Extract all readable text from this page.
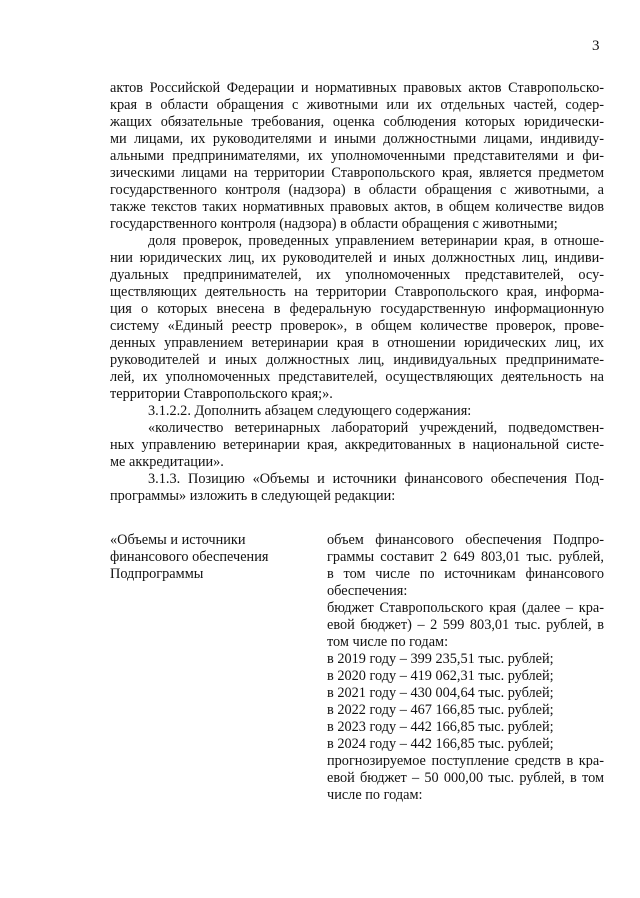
3
актов Российской Федерации и нормативных правовых актов Ставропольско-
края в области обращения с животными или их отдельных частей, содер-
жащих обязательные требования, оценка соблюдения которых юридически-
ми лицами, их руководителями и иными должностными лицами, индивиду-
альными предпринимателями, их уполномоченными представителями и фи-
зическими лицами на территории Ставропольского края, является предметом
государственного контроля (надзора) в области обращения с животными, а
также текстов таких нормативных правовых актов, в общем количестве видов
государственного контроля (надзора) в области обращения с животными;
доля проверок, проведенных управлением ветеринарии края, в отноше-
нии юридических лиц, их руководителей и иных должностных лиц, индиви-
дуальных предпринимателей, их уполномоченных представителей, осу-
ществляющих деятельность на территории Ставропольского края, информа-
ция о которых внесена в федеральную государственную информационную
систему «Единый реестр проверок», в общем количестве проверок, прове-
денных управлением ветеринарии края в отношении юридических лиц, их
руководителей и иных должностных лиц, индивидуальных предпринимате-
лей, их уполномоченных представителей, осуществляющих деятельность на
территории Ставропольского края;».
3.1.2.2. Дополнить абзацем следующего содержания:
«количество ветеринарных лабораторий учреждений, подведомствен-
ных управлению ветеринарии края, аккредитованных в национальной систе-
ме аккредитации».
3.1.3. Позицию «Объемы и источники финансового обеспечения Под-
программы» изложить в следующей редакции:
«Объемы и источники
финансового обеспечения
Подпрограммы
объем финансового обеспечения Подпро-
граммы составит 2 649 803,01 тыс. рублей,
в том числе по источникам финансового
обеспечения:
бюджет Ставропольского края (далее – кра-
евой бюджет) – 2 599 803,01 тыс. рублей, в
том числе по годам:
в 2019 году – 399 235,51 тыс. рублей;
в 2020 году – 419 062,31 тыс. рублей;
в 2021 году – 430 004,64 тыс. рублей;
в 2022 году – 467 166,85 тыс. рублей;
в 2023 году – 442 166,85 тыс. рублей;
в 2024 году – 442 166,85 тыс. рублей;
прогнозируемое поступление средств в кра-
евой бюджет – 50 000,00 тыс. рублей, в том
числе по годам:
